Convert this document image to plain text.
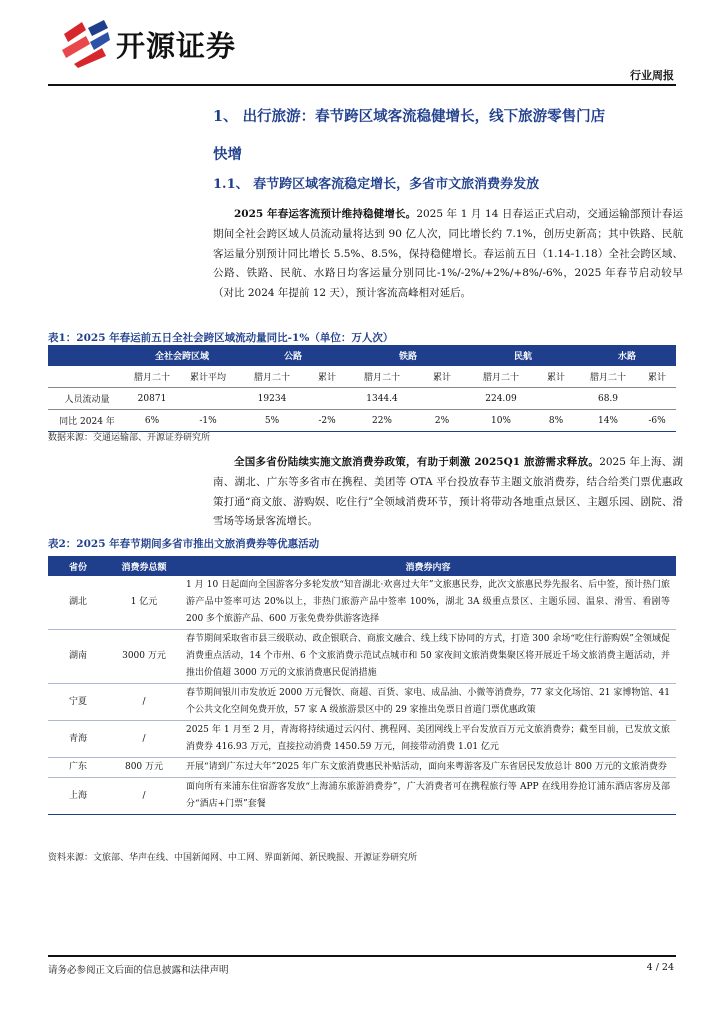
开源证券
行业周报
1、 出行旅游：春节跨区域客流稳健增长，线下旅游零售门店
快增
1.1、 春节跨区域客流稳定增长，多省市文旅消费券发放
2025 年春运客流预计维持稳健增长。2025 年 1 月 14 日春运正式启动，交通运输部预计春运期间全社会跨区域人员流动量将达到 90 亿人次，同比增长约 7.1%，创历史新高；其中铁路、民航客运量分别预计同比增长 5.5%、8.5%，保持稳健增长。春运前五日（1.14-1.18）全社会跨区域、公路、铁路、民航、水路日均客运量分别同比-1%/-2%/+2%/+8%/-6%，2025 年春节启动较早（对比 2024 年提前 12 天），预计客流高峰相对延后。
表1：2025 年春运前五日全社会跨区域流动量同比-1%（单位：万人次）
	全社会跨区域		公路		铁路		民航		水路	
	腊月二十	累计平均	腊月二十	累计	腊月二十	累计	腊月二十	累计	腊月二十	累计
人员流动量	20871		19234		1344.4		224.09		68.9	
同比 2024 年	6%	-1%	5%	-2%	22%	2%	10%	8%	14%	-6%
数据来源：交通运输部、开源证券研究所
全国多省份陆续实施文旅消费券政策，有助于刺激 2025Q1 旅游需求释放。2025 年上海、湖南、湖北、广东等多省市在携程、美团等 OTA 平台投放春节主题文旅消费券，结合给类门票优惠政策打通“商文旅、游购娱、吃住行”全领域消费环节，预计将带动各地重点景区、主题乐园、剧院、滑雪场等场景客流增长。
表2：2025 年春节期间多省市推出文旅消费券等优惠活动
省份	消费券总额	消费券内容
湖北	1 亿元	1 月 10 日起面向全国游客分多轮发放“知音湖北·欢喜过大年”文旅惠民券，此次文旅惠民券先报名、后中签，预计热门旅游产品中签率可达 20%以上，非热门旅游产品中签率 100%，湖北 3A 级重点景区、主题乐园、温泉、滑雪、看剧等 200 多个旅游产品、600 万张免费券供游客选择
湖南	3000 万元	春节期间采取省市县三级联动、政企银联合、商旅文融合、线上线下协同的方式，打造 300 余场“吃住行游购娱”全领域促消费重点活动，14 个市州、6 个文旅消费示范试点城市和 50 家夜间文旅消费集聚区将开展近千场文旅消费主题活动，并推出价值超 3000 万元的文旅消费惠民促消措施
宁夏	/	春节期间银川市发放近 2000 万元餐饮、商超、百货、家电、成品油、小微等消费券，77 家文化场馆、21 家博物馆、41 个公共文化空间免费开放，57 家 A 级旅游景区中的 29 家推出免票日首道门票优惠政策
青海	/	2025 年 1 月至 2 月，青海将持续通过云闪付、携程网、美团网线上平台发放百万元文旅消费券；截至目前，已发放文旅消费券 416.93 万元，直接拉动消费 1450.59 万元，间接带动消费 1.01 亿元
广东	800 万元	开展“请到广东过大年”2025 年广东文旅消费惠民补贴活动，面向来粤游客及广东省居民发放总计 800 万元的文旅消费券
上海	/	面向所有来浦东住宿游客发放“上海浦东旅游消费券”，广大消费者可在携程旅行等 APP 在线用券抢订浦东酒店客房及部分“酒店+门票”套餐
资料来源：文旅部、华声在线、中国新闻网、中工网、界面新闻、新民晚报、开源证券研究所
请务必参阅正文后面的信息披露和法律声明	4 / 24
